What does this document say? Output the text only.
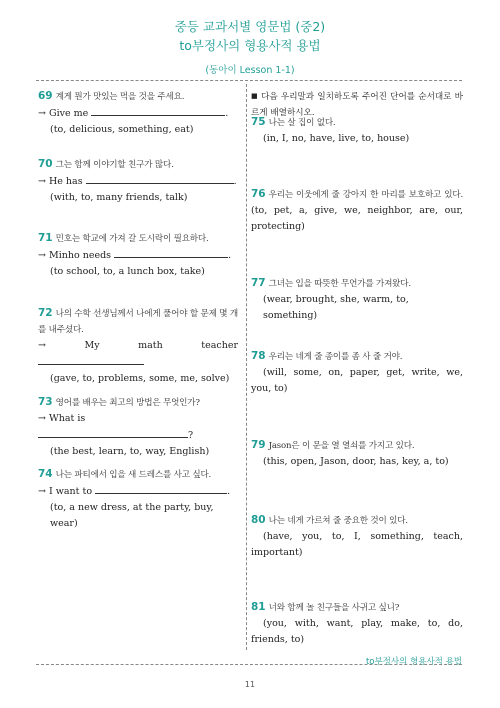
중등 교과서별 영문법 (중2)
to부정사의 형용사적 용법
(동아이 Lesson 1-1)
69 계게 뭔가 맛있는 먹을 것을 주세요.
→ Give me	.
(to, delicious, something, eat)
70 그는 함께 이야기할 친구가 많다.
→ He has	.
(with, to, many friends, talk)
71 민호는 학교에 가져 갈 도시락이 필요하다.
→ Minho needs	.
(to school, to, a lunch box, take)
72 나의 수학 선생님께서 나에게 풀어야 할 문제 몇 개를 내주셨다.
→ My math teacher
(gave, to, problems, some, me, solve)
73 영어를 배우는 최고의 방법은 무엇인가?
→ What is ?
(the best, learn, to, way, English)
74 나는 파티에서 입을 새 드레스를 사고 싶다.
→ I want to	.
(to, a new dress, at the party, buy, wear)
■ 다음 우리말과 일치하도록 주어진 단어를 순서대로 바르게 배열하시오.
75 나는 살 집이 없다.
(in, I, no, have, live, to, house)
76 우리는 이웃에게 줄 강아지 한 마리를 보호하고 있다. (to, pet, a, give, we, neighbor, are, our, protecting)
77 그녀는 입을 따뜻한 무언가를 가져왔다.
(wear, brought, she, warm, to, something)
78 우리는 네게 줄 종이를 좀 사 줄 거야.
(will, some, on, paper, get, write, we, you, to)
79 Jason은 이 문을 열 열쇠를 가지고 있다.
(this, open, Jason, door, has, key, a, to)
80 나는 네게 가르쳐 줄 중요한 것이 있다.
(have, you, to, I, something, teach, important)
81 너와 함께 놀 친구들을 사귀고 싶니?
(you, with, want, play, make, to, do, friends, to)
to부정사의 형용사적 용법
11
